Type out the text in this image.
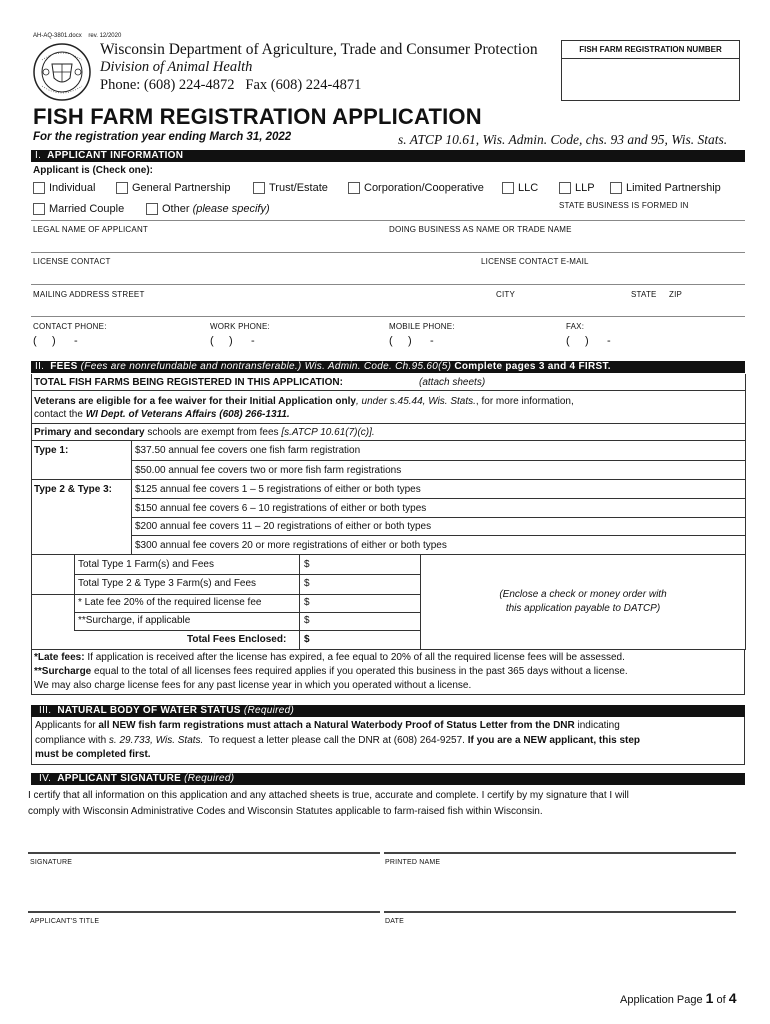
AH-AQ-3801.docx rev. 12/2020
Wisconsin Department of Agriculture, Trade and Consumer Protection
Division of Animal Health
Phone: (608) 224-4872   Fax (608) 224-4871
FISH FARM REGISTRATION NUMBER
FISH FARM REGISTRATION APPLICATION
For the registration year ending March 31, 2022	s. ATCP 10.61, Wis. Admin. Code, chs. 93 and 95, Wis. Stats.
I. APPLICANT INFORMATION
Applicant is (Check one):
Individual	General Partnership	Trust/Estate	Corporation/Cooperative	LLC	LLP	Limited Partnership
Married Couple	Other (please specify)	STATE BUSINESS IS FORMED IN
LEGAL NAME OF APPLICANT	DOING BUSINESS AS NAME OR TRADE NAME
LICENSE CONTACT	LICENSE CONTACT E-MAIL
MAILING ADDRESS STREET	CITY	STATE ZIP
CONTACT PHONE:	WORK PHONE:	MOBILE PHONE:	FAX:
( ) -	( ) -	( ) -	( ) -
II. FEES (Fees are nonrefundable and nontransferable.) Wis. Admin. Code. Ch.95.60(5) Complete pages 3 and 4 FIRST.
TOTAL FISH FARMS BEING REGISTERED IN THIS APPLICATION:	(attach sheets)
Veterans are eligible for a fee waiver for their Initial Application only, under s.45.44, Wis. Stats., for more information,
contact the WI Dept. of Veterans Affairs (608) 266-1311.
Primary and secondary schools are exempt from fees [s.ATCP 10.61(7)(c)].
Type 1:	$37.50 annual fee covers one fish farm registration
$50.00 annual fee covers two or more fish farm registrations
Type 2 & Type 3: $125 annual fee covers 1 – 5 registrations of either or both types
$150 annual fee covers 6 – 10 registrations of either or both types
$200 annual fee covers 11 – 20 registrations of either or both types
$300 annual fee covers 20 or more registrations of either or both types
Total Type 1 Farm(s) and Fees	$
Total Type 2 & Type 3 Farm(s) and Fees	$
* Late fee 20% of the required license fee	$
**Surcharge, if applicable	$
Total Fees Enclosed: $
(Enclose a check or money order with
this application payable to DATCP)
*Late fees: If application is received after the license has expired, a fee equal to 20% of all the required license fees will be assessed.
**Surcharge equal to the total of all licenses fees required applies if you operated this business in the past 365 days without a license.
We may also charge license fees for any past license year in which you operated without a license.
III. NATURAL BODY OF WATER STATUS (Required)
Applicants for all NEW fish farm registrations must attach a Natural Waterbody Proof of Status Letter from the DNR indicating
compliance with s. 29.733, Wis. Stats.  To request a letter please call the DNR at (608) 264-9257. If you are a NEW applicant, this step
must be completed first.
IV. APPLICANT SIGNATURE (Required)
I certify that all information on this application and any attached sheets is true, accurate and complete. I certify by my signature that I will
comply with Wisconsin Administrative Codes and Wisconsin Statutes applicable to farm-raised fish within Wisconsin.
SIGNATURE	PRINTED NAME
APPLICANT'S TITLE	DATE
Application Page 1 of 4
